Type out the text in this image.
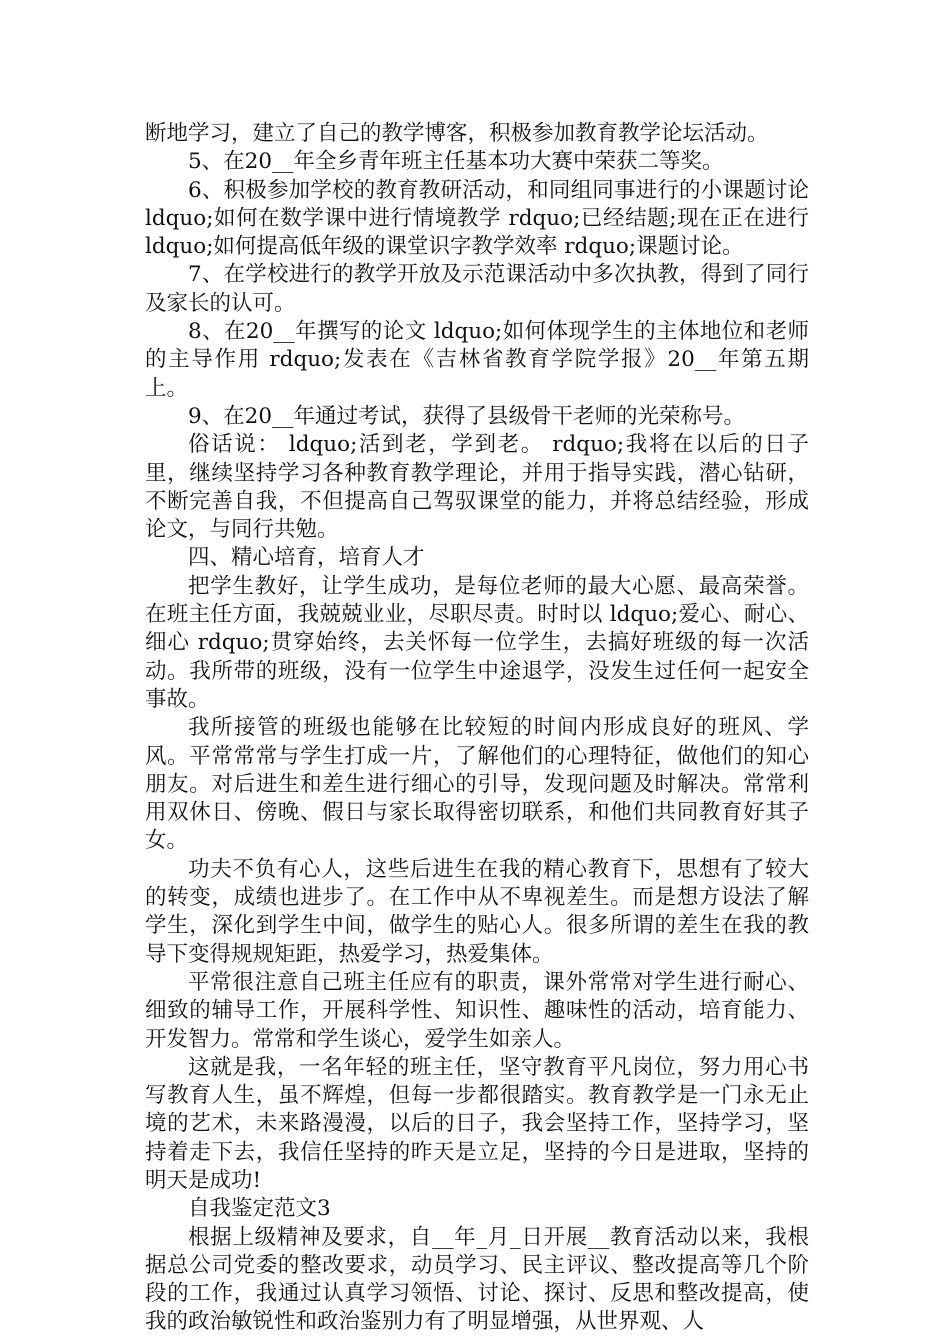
断地学习，建立了自己的教学博客，积极参加教育教学论坛活动。

5、在20__年全乡青年班主任基本功大赛中荣获二等奖。

6、积极参加学校的教育教研活动，和同组同事进行的小课题讨论 ldquo;如何在数学课中进行情境教学 rdquo;已经结题;现在正在进行 ldquo;如何提高低年级的课堂识字教学效率 rdquo;课题讨论。

7、在学校进行的教学开放及示范课活动中多次执教，得到了同行及家长的认可。

8、在20__年撰写的论文 ldquo;如何体现学生的主体地位和老师的主导作用 rdquo;发表在《吉林省教育学院学报》20__年第五期上。

9、在20__年通过考试，获得了县级骨干老师的光荣称号。

俗话说： ldquo;活到老，学到老。 rdquo;我将在以后的日子里，继续坚持学习各种教育教学理论，并用于指导实践，潜心钻研，不断完善自我，不但提高自己驾驭课堂的能力，并将总结经验，形成论文，与同行共勉。

四、精心培育，培育人才

把学生教好，让学生成功，是每位老师的最大心愿、最高荣誉。在班主任方面，我兢兢业业，尽职尽责。时时以 ldquo;爱心、耐心、细心 rdquo;贯穿始终，去关怀每一位学生，去搞好班级的每一次活动。我所带的班级，没有一位学生中途退学，没发生过任何一起安全事故。

我所接管的班级也能够在比较短的时间内形成良好的班风、学风。平常常常与学生打成一片，了解他们的心理特征，做他们的知心朋友。对后进生和差生进行细心的引导，发现问题及时解决。常常利用双休日、傍晚、假日与家长取得密切联系，和他们共同教育好其子女。

功夫不负有心人，这些后进生在我的精心教育下，思想有了较大的转变，成绩也进步了。在工作中从不卑视差生。而是想方设法了解学生，深化到学生中间，做学生的贴心人。很多所谓的差生在我的教导下变得规规矩距，热爱学习，热爱集体。

平常很注意自己班主任应有的职责，课外常常对学生进行耐心、细致的辅导工作，开展科学性、知识性、趣味性的活动，培育能力、开发智力。常常和学生谈心，爱学生如亲人。

这就是我，一名年轻的班主任，坚守教育平凡岗位，努力用心书写教育人生，虽不辉煌，但每一步都很踏实。教育教学是一门永无止境的艺术，未来路漫漫，以后的日子，我会坚持工作，坚持学习，坚持着走下去，我信任坚持的昨天是立足，坚持的今日是进取，坚持的明天是成功!

自我鉴定范文3

根据上级精神及要求，自__年_月_日开展__教育活动以来，我根据总公司党委的整改要求，动员学习、民主评议、整改提高等几个阶段的工作，我通过认真学习领悟、讨论、探讨、反思和整改提高，使我的政治敏锐性和政治鉴别力有了明显增强，从世界观、人
